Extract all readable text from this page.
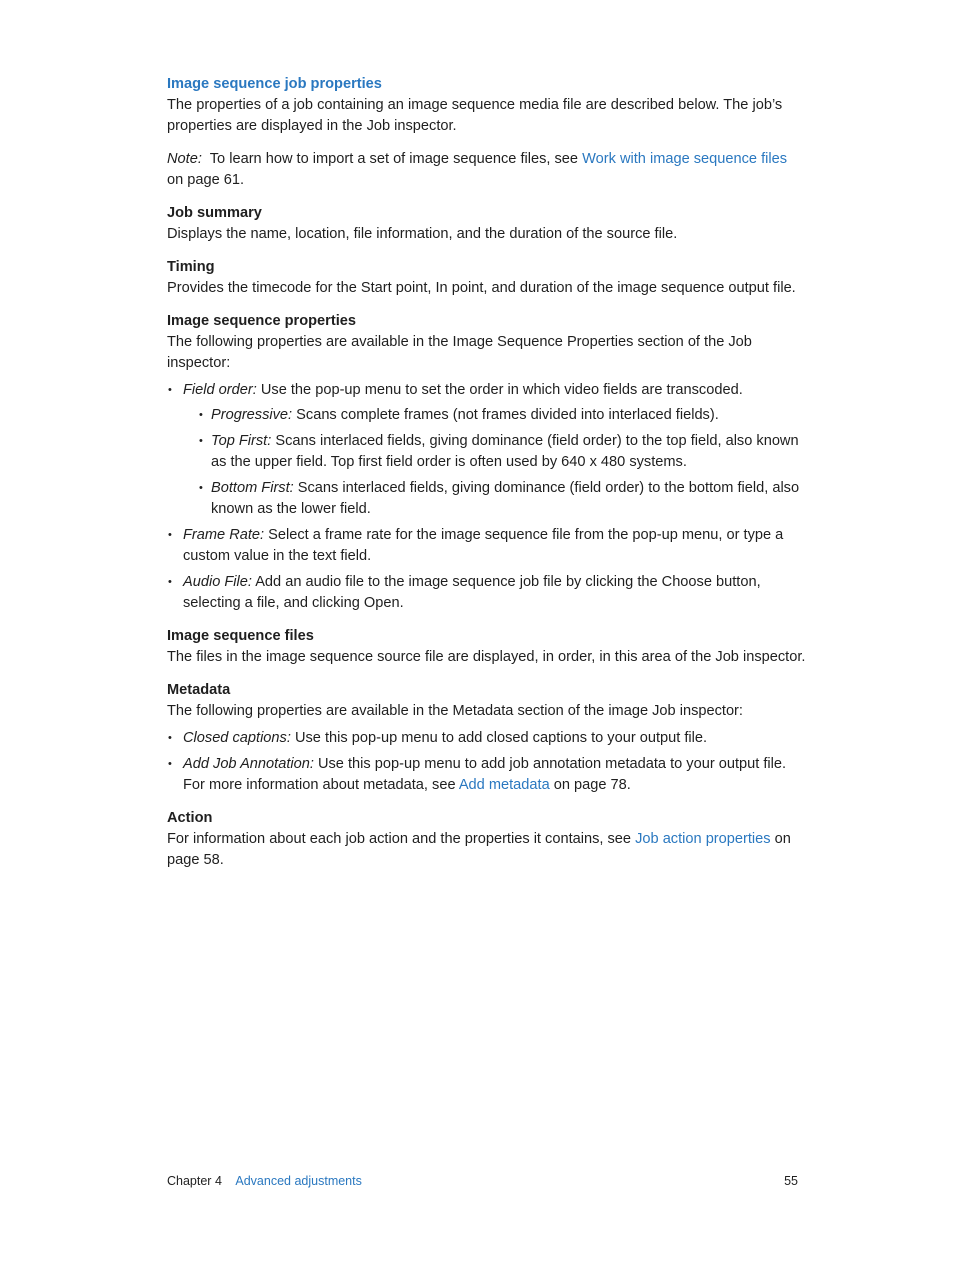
Image sequence job properties

The properties of a job containing an image sequence media file are described below. The job’s properties are displayed in the Job inspector.

Note: To learn how to import a set of image sequence files, see Work with image sequence files on page 61.

Job summary

Displays the name, location, file information, and the duration of the source file.

Timing

Provides the timecode for the Start point, In point, and duration of the image sequence output file.

Image sequence properties

The following properties are available in the Image Sequence Properties section of the Job inspector:

• Field order: Use the pop-up menu to set the order in which video fields are transcoded.
• Progressive: Scans complete frames (not frames divided into interlaced fields).
• Top First: Scans interlaced fields, giving dominance (field order) to the top field, also known as the upper field. Top first field order is often used by 640 x 480 systems.
• Bottom First: Scans interlaced fields, giving dominance (field order) to the bottom field, also known as the lower field.
• Frame Rate: Select a frame rate for the image sequence file from the pop-up menu, or type a custom value in the text field.
• Audio File: Add an audio file to the image sequence job file by clicking the Choose button, selecting a file, and clicking Open.
Image sequence files

The files in the image sequence source file are displayed, in order, in this area of the Job inspector.

Metadata

The following properties are available in the Metadata section of the image Job inspector:

• Closed captions: Use this pop-up menu to add closed captions to your output file.
• Add Job Annotation: Use this pop-up menu to add job annotation metadata to your output file. For more information about metadata, see Add metadata on page 78.
Action

For information about each job action and the properties it contains, see Job action properties on page 58.

Chapter 4 Advanced adjustments	55
